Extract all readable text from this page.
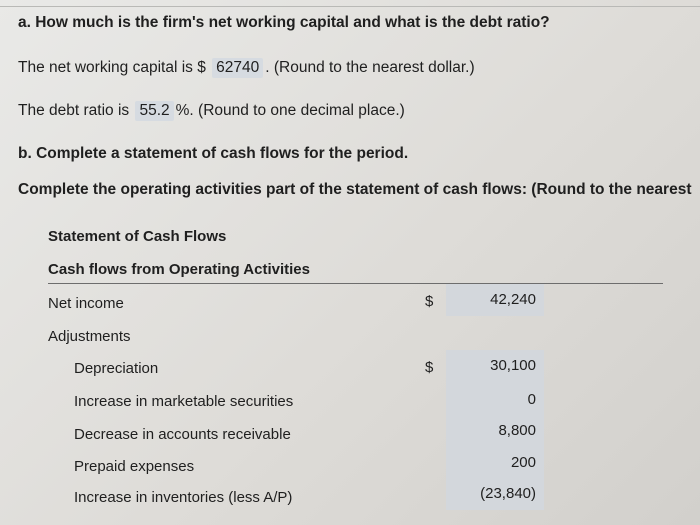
a. How much is the firm's net working capital and what is the debt ratio?
The net working capital is $ 62740 . (Round to the nearest dollar.)
The debt ratio is 55.2 %. (Round to one decimal place.)
b. Complete a statement of cash flows for the period.
Complete the operating activities part of the statement of cash flows: (Round to the nearest
Statement of Cash Flows
Cash flows from Operating Activities
Net income	$	42,240
Adjustments
Depreciation	$	30,100
Increase in marketable securities	0
Decrease in accounts receivable	8,800
Prepaid expenses	200
Increase in inventories (less A/P)	(23,840)
